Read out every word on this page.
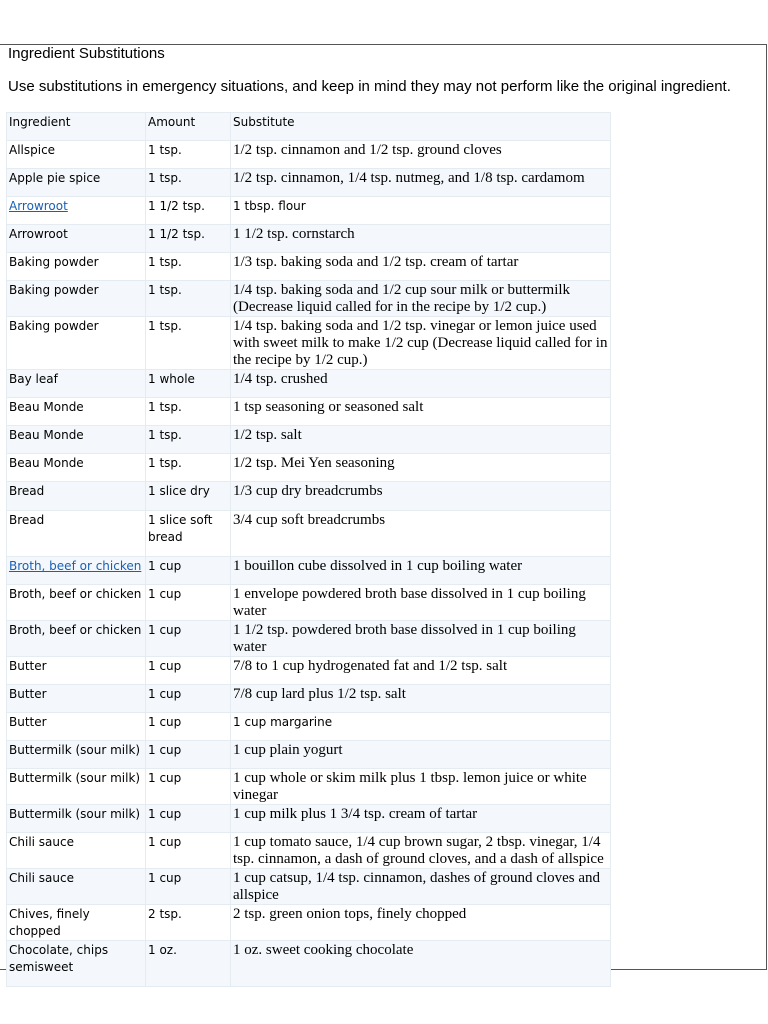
Ingredient Substitutions
Use substitutions in emergency situations, and keep in mind they may not perform like the original ingredient.
Ingredient	Amount	Substitute
Allspice	1 tsp.	1/2 tsp. cinnamon and 1/2 tsp. ground cloves
Apple pie spice	1 tsp.	1/2 tsp. cinnamon, 1/4 tsp. nutmeg, and 1/8 tsp. cardamom
Arrowroot	1 1/2 tsp.	1 tbsp. flour
Arrowroot	1 1/2 tsp.	1 1/2 tsp. cornstarch
Baking powder	1 tsp.	1/3 tsp. baking soda and 1/2 tsp. cream of tartar
Baking powder	1 tsp.	1/4 tsp. baking soda and 1/2 cup sour milk or buttermilk (Decrease liquid called for in the recipe by 1/2 cup.)
Baking powder	1 tsp.	1/4 tsp. baking soda and 1/2 tsp. vinegar or lemon juice used with sweet milk to make 1/2 cup (Decrease liquid called for in the recipe by 1/2 cup.)
Bay leaf	1 whole	1/4 tsp. crushed
Beau Monde	1 tsp.	1 tsp seasoning or seasoned salt
Beau Monde	1 tsp.	1/2 tsp. salt
Beau Monde	1 tsp.	1/2 tsp. Mei Yen seasoning
Bread	1 slice dry	1/3 cup dry breadcrumbs
Bread	1 slice soft bread	3/4 cup soft breadcrumbs
Broth, beef or chicken	1 cup	1 bouillon cube dissolved in 1 cup boiling water
Broth, beef or chicken	1 cup	1 envelope powdered broth base dissolved in 1 cup boiling water
Broth, beef or chicken	1 cup	1 1/2 tsp. powdered broth base dissolved in 1 cup boiling water
Butter	1 cup	7/8 to 1 cup hydrogenated fat and 1/2 tsp. salt
Butter	1 cup	7/8 cup lard plus 1/2 tsp. salt
Butter	1 cup	1 cup margarine
Buttermilk (sour milk)	1 cup	1 cup plain yogurt
Buttermilk (sour milk)	1 cup	1 cup whole or skim milk plus 1 tbsp. lemon juice or white vinegar
Buttermilk (sour milk)	1 cup	1 cup milk plus 1 3/4 tsp. cream of tartar
Chili sauce	1 cup	1 cup tomato sauce, 1/4 cup brown sugar, 2 tbsp. vinegar, 1/4 tsp. cinnamon, a dash of ground cloves, and a dash of allspice
Chili sauce	1 cup	1 cup catsup, 1/4 tsp. cinnamon, dashes of ground cloves and allspice
Chives, finely chopped	2 tsp.	2 tsp. green onion tops, finely chopped
Chocolate, chips semisweet	1 oz.	1 oz. sweet cooking chocolate
